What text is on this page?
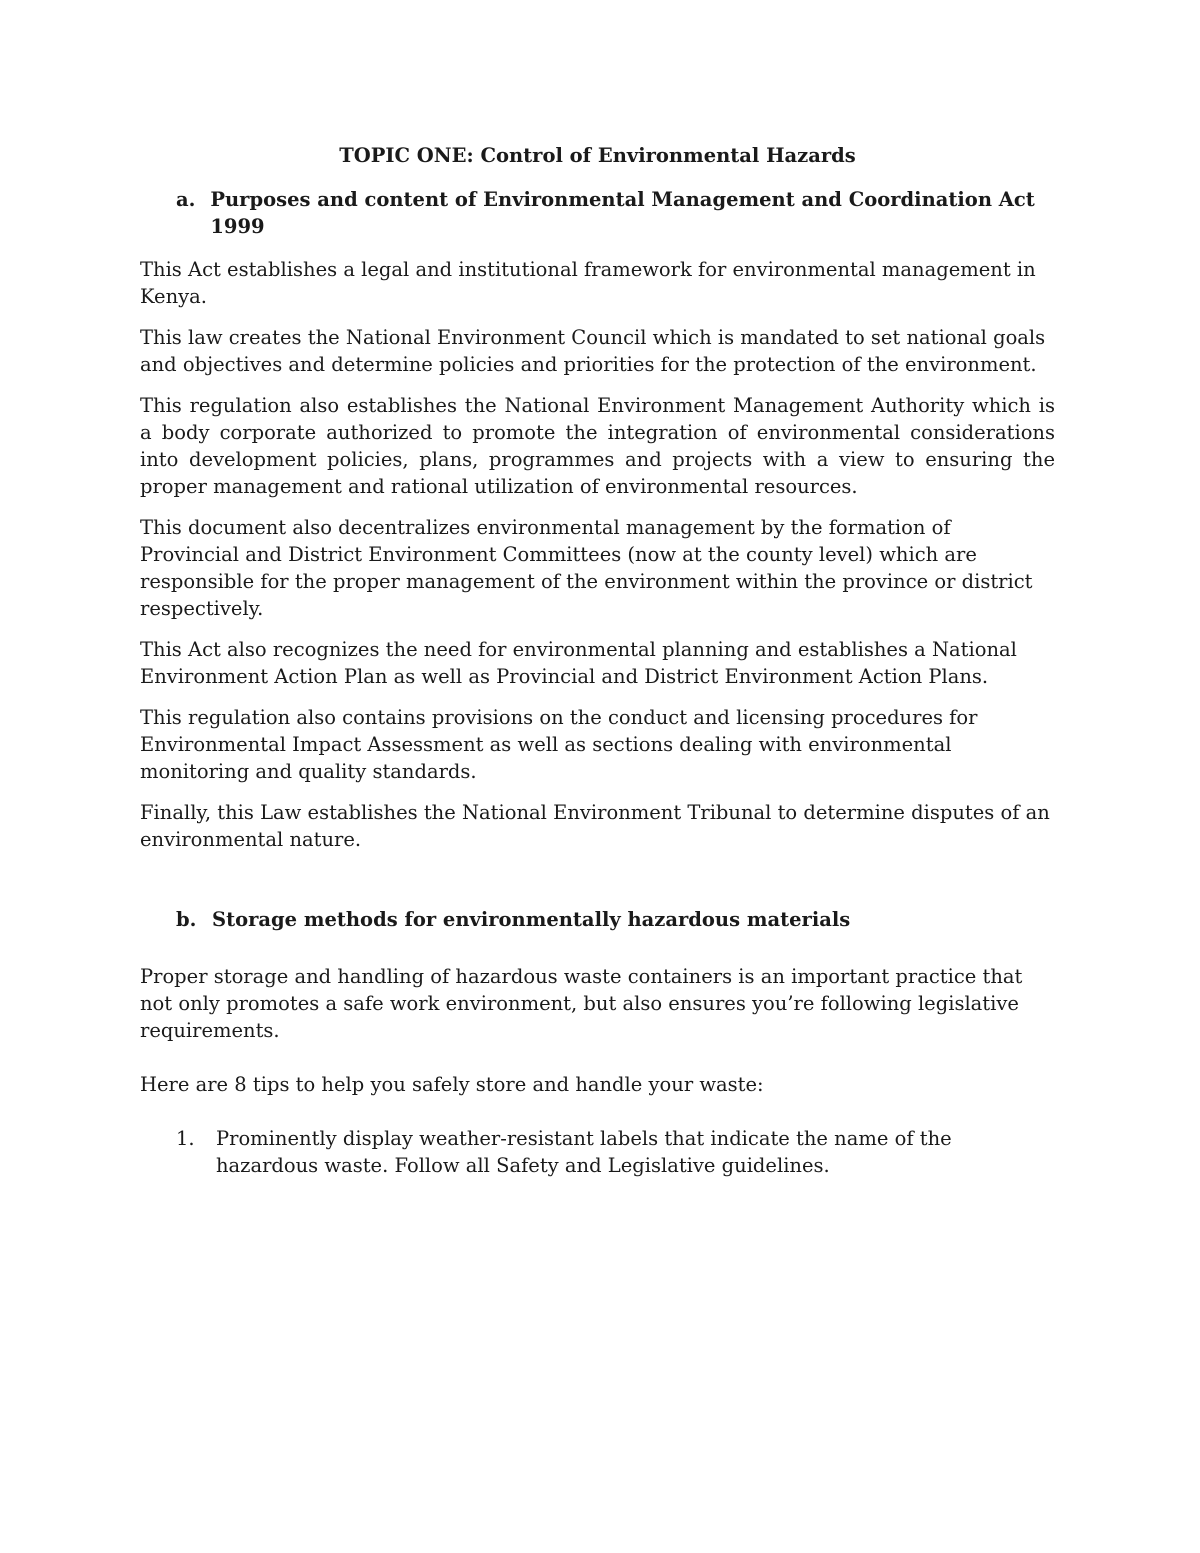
TOPIC ONE: Control of Environmental Hazards
a. Purposes and content of Environmental Management and Coordination Act 1999

This Act establishes a legal and institutional framework for environmental management in Kenya.

This law creates the National Environment Council which is mandated to set national goals and objectives and determine policies and priorities for the protection of the environment.

This regulation also establishes the National Environment Management Authority which is a body corporate authorized to promote the integration of environmental considerations into development policies, plans, programmes and projects with a view to ensuring the proper management and rational utilization of environmental resources.

This document also decentralizes environmental management by the formation of Provincial and District Environment Committees (now at the county level) which are responsible for the proper management of the environment within the province or district respectively.

This Act also recognizes the need for environmental planning and establishes a National Environment Action Plan as well as Provincial and District Environment Action Plans.

This regulation also contains provisions on the conduct and licensing procedures for Environmental Impact Assessment as well as sections dealing with environmental monitoring and quality standards.

Finally, this Law establishes the National Environment Tribunal to determine disputes of an environmental nature.

b. Storage methods for environmentally hazardous materials

Proper storage and handling of hazardous waste containers is an important practice that not only promotes a safe work environment, but also ensures you’re following legislative requirements.

Here are 8 tips to help you safely store and handle your waste:

1.	Prominently display weather-resistant labels that indicate the name of the hazardous waste. Follow all Safety and Legislative guidelines.
